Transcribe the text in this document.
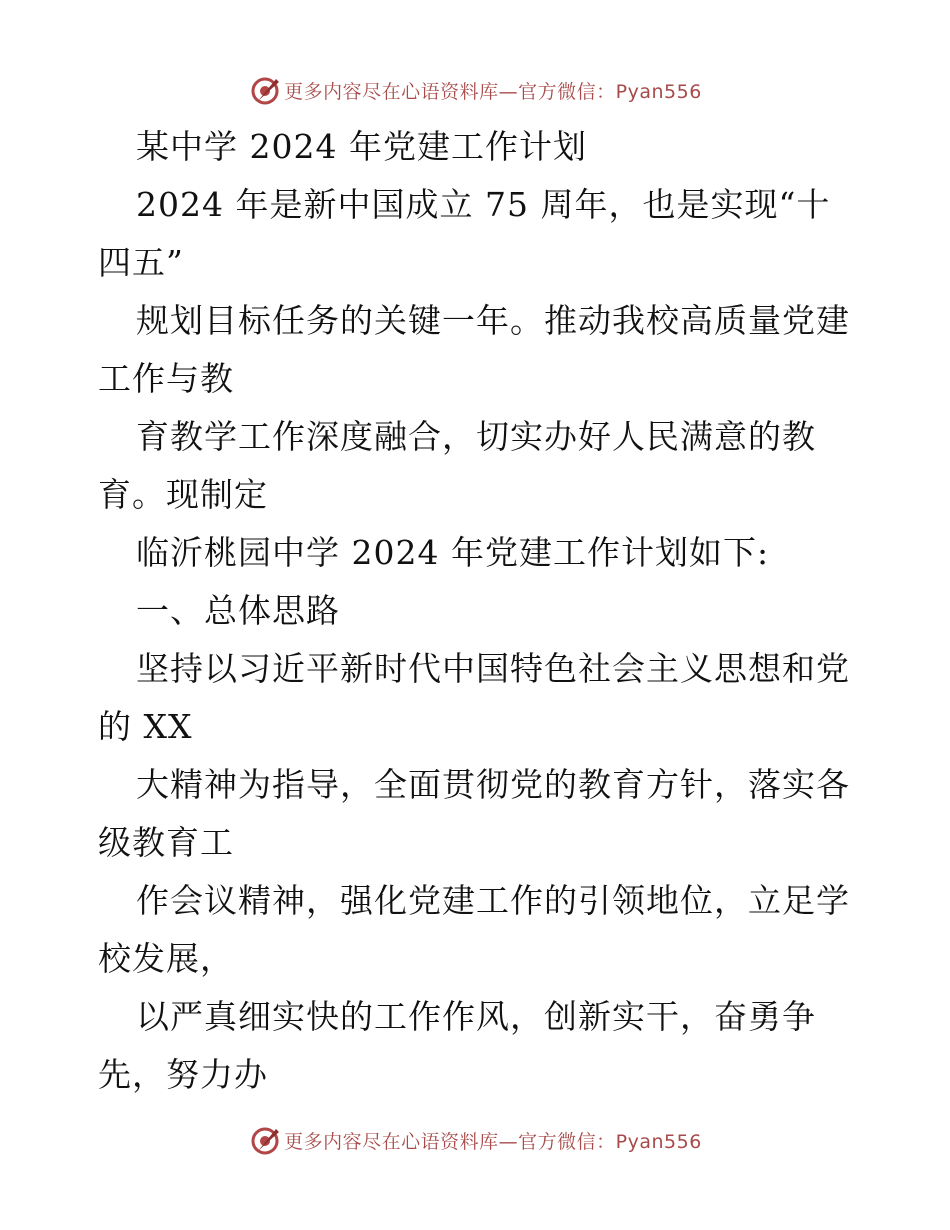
更多内容尽在心语资料库—官方微信：Pyan556
某中学 2024 年党建工作计划
2024 年是新中国成立 75 周年，也是实现“十
四五”
规划目标任务的关键一年。推动我校高质量党建
工作与教
育教学工作深度融合，切实办好人民满意的教
育。现制定
临沂桃园中学 2024 年党建工作计划如下:
一、总体思路
坚持以习近平新时代中国特色社会主义思想和党
的 XX
大精神为指导，全面贯彻党的教育方针，落实各
级教育工
作会议精神，强化党建工作的引领地位，立足学
校发展，
以严真细实快的工作作风，创新实干，奋勇争
先，努力办
更多内容尽在心语资料库—官方微信：Pyan556
